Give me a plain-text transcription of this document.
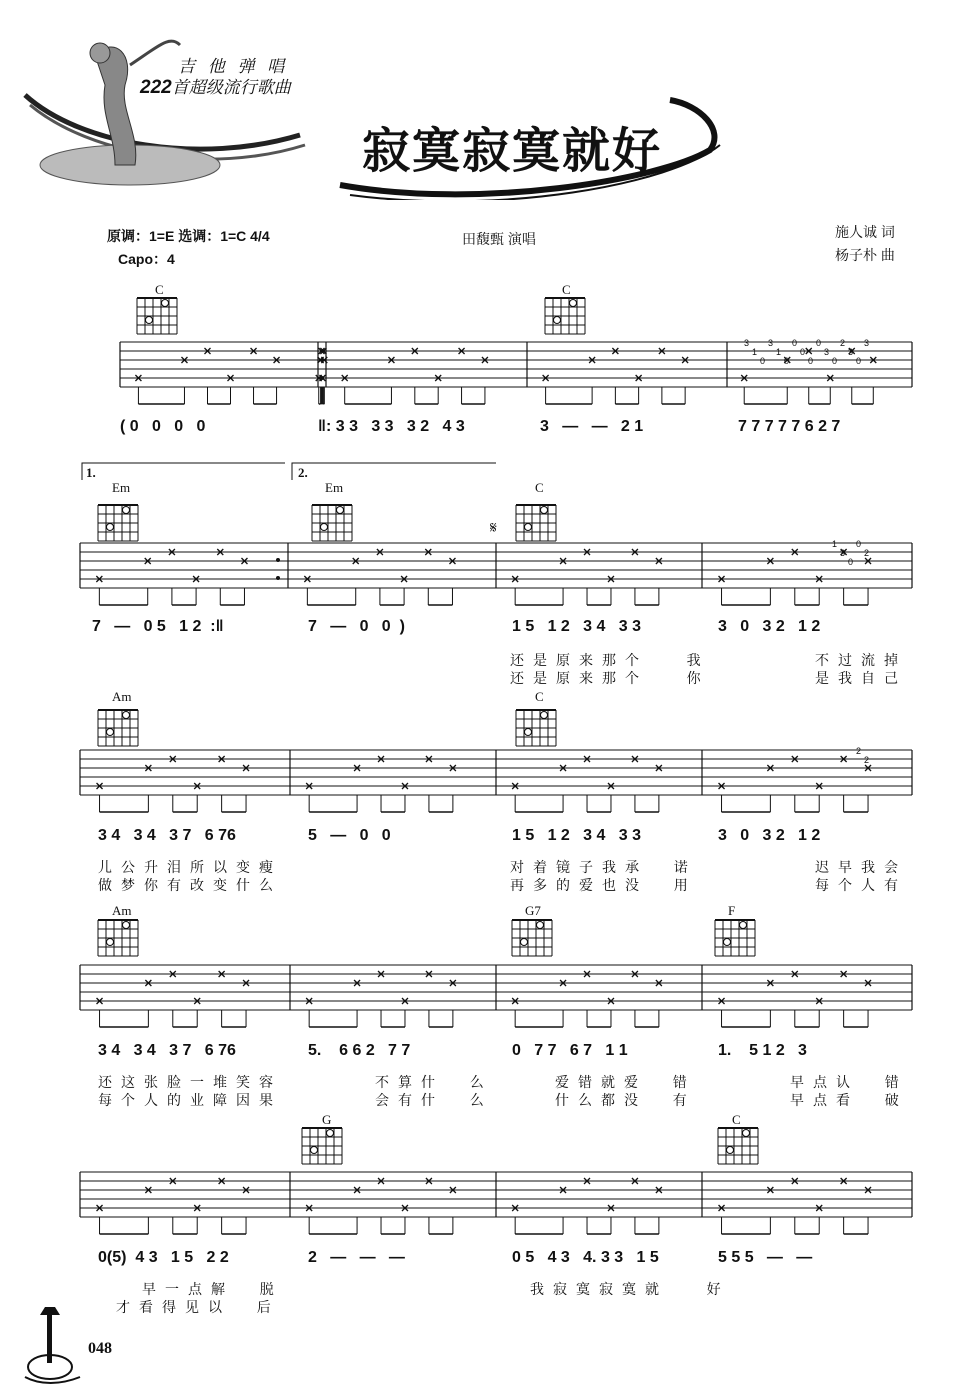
吉 他 弹 唱
222首超级流行歌曲
寂寞寂寞就好
原调：1=E 选调：1=C 4/4
Capo：4
田馥甄 演唱	施人诚 词
杨子朴 曲
C	C
Em	Em	C
Am	C
Am	G7	F
G	C
1.	2.
3
1
0
3
1
0
0
0
0
0
3
0
2
3
0
3
1
3
0
0
2
2
2
𝄋
( 0   0   0   0	‖: 3 3   3 3   3 2   4 3	3   —   —   2 1	7 7 7 7 7 6 2 7
7   —   0 5   1 2  :‖	7   —   0   0  )	1 5   1 2   3 4   3 3	3   0   3 2   1 2
3 4   3 4   3 7   6 76	5   —   0   0	1 5   1 2   3 4   3 3	3   0   3 2   1 2
3 4   3 4   3 7   6 76	5.    6 6 2   7 7	0   7 7   6 7   1 1	1.    5 1 2   3
0(5)  4 3   1 5   2 2	2   —   —   —	0 5   4 3   4. 3 3   1 5	5 5 5   —   —
还是原来那个   我
还是原来那个   你
不过流掉
是我自己
儿公升泪所以变瘦
做梦你有改变什么
对着镜子我承  诺
再多的爱也没  用
迟早我会
每个人有
还这张脸一堆笑容
每个人的业障因果
不算什  么
会有什  么
爱错就爱  错
什么都没  有
早点认  错
早点看  破
早一点解  脱
才看得见以  后
我寂寞寂寞就   好
048
